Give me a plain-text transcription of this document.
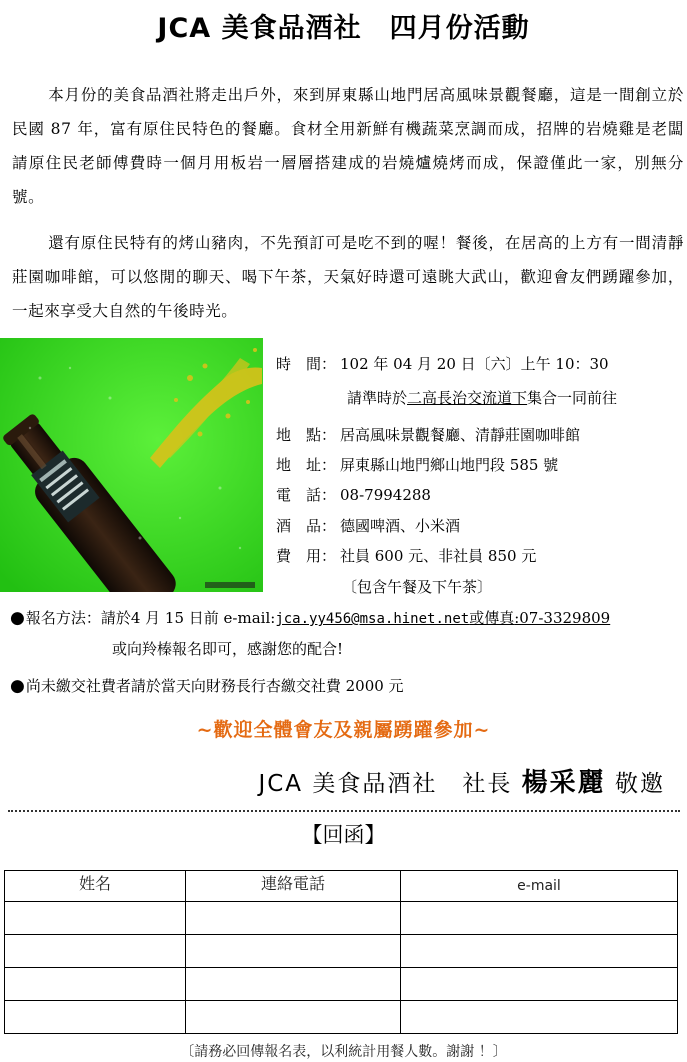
JCA 美食品酒社　四月份活動

本月份的美食品酒社將走出戶外，來到屏東縣山地門居高風味景觀餐廳，這是一間創立於民國 87 年，富有原住民特色的餐廳。食材全用新鮮有機蔬菜烹調而成，招牌的岩燒雞是老闆請原住民老師傅費時一個月用板岩一層層搭建成的岩燒爐燒烤而成，保證僅此一家，別無分號。

還有原住民特有的烤山豬肉，不先預訂可是吃不到的喔！餐後，在居高的上方有一間清靜莊園咖啡館，可以悠閒的聊天、喝下午茶，天氣好時還可遠眺大武山，歡迎會友們踴躍參加，一起來享受大自然的午後時光。

時　間： 102 年 04 月 20 日〔六〕上午 10：30
請準時於二高長治交流道下集合一同前往
地　點： 居高風味景觀餐廳、清靜莊園咖啡館
地　址： 屏東縣山地門鄉山地門段 585 號
電　話： 08-7994288
酒　品： 德國啤酒、小米酒
費　用： 社員 600 元、非社員 850 元
〔包含午餐及下午茶〕
●報名方法：請於4 月 15 日前 e-mail:jca.yy456@msa.hinet.net或傳真:07-3329809
或向羚榛報名即可，感謝您的配合!
●尚未繳交社費者請於當天向財務長行杏繳交社費 2000 元
~歡迎全體會友及親屬踴躍參加~
JCA 美食品酒社　社長 楊采麗 敬邀
【回函】
姓名	連絡電話	e-mail

〔請務必回傳報名表，以利統計用餐人數。謝謝 ！〕
